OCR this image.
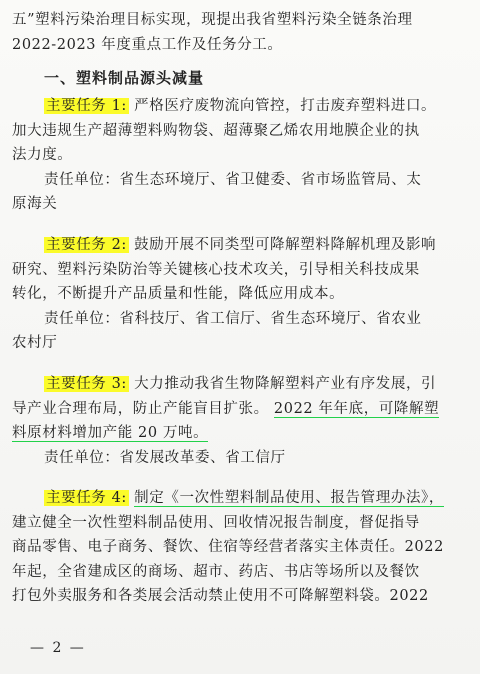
五”塑料污染治理目标实现，现提出我省塑料污染全链条治理
2022-2023 年度重点工作及任务分工。
一、塑料制品源头减量
主要任务 1: 严格医疗废物流向管控，打击废弃塑料进口。
加大违规生产超薄塑料购物袋、超薄聚乙烯农用地膜企业的执
法力度。
责任单位：省生态环境厅、省卫健委、省市场监管局、太
原海关
主要任务 2: 鼓励开展不同类型可降解塑料降解机理及影响
研究、塑料污染防治等关键核心技术攻关，引导相关科技成果
转化，不断提升产品质量和性能，降低应用成本。
责任单位：省科技厅、省工信厅、省生态环境厅、省农业
农村厅
主要任务 3: 大力推动我省生物降解塑料产业有序发展，引
导产业合理布局，防止产能盲目扩张。 2022 年年底，可降解塑
料原材料增加产能 20 万吨。
责任单位：省发展改革委、省工信厅
主要任务 4: 制定《一次性塑料制品使用、报告管理办法》，
建立健全一次性塑料制品使用、回收情况报告制度，督促指导
商品零售、电子商务、餐饮、住宿等经营者落实主体责任。2022
年起，全省建成区的商场、超市、药店、书店等场所以及餐饮
打包外卖服务和各类展会活动禁止使用不可降解塑料袋。2022
— 2 —
